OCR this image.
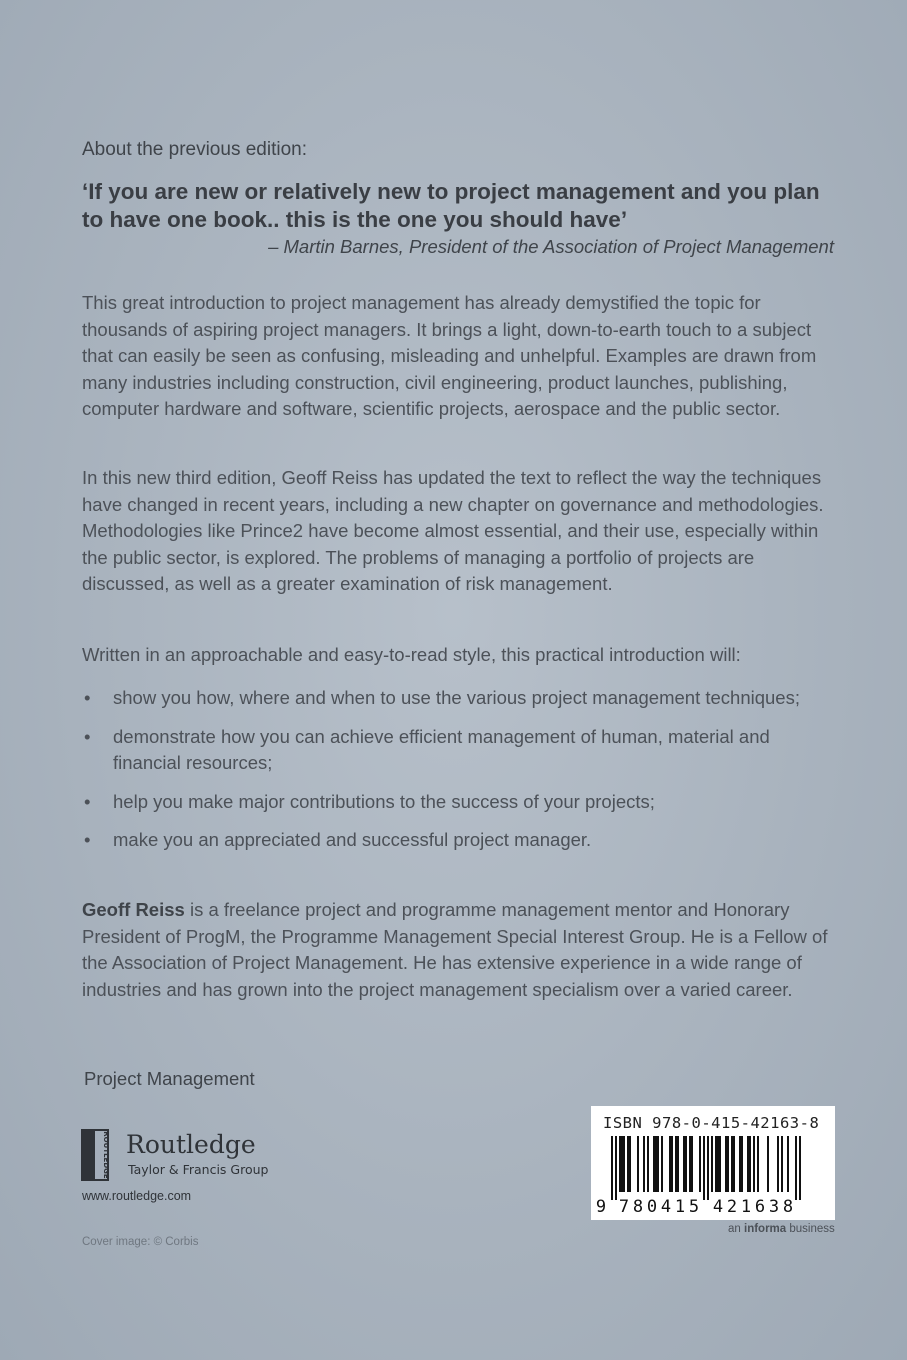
About the previous edition:
‘If you are new or relatively new to project management and you plan to have one book.. this is the one you should have’
– Martin Barnes, President of the Association of Project Management

This great introduction to project management has already demystified the topic for thousands of aspiring project managers. It brings a light, down-to-earth touch to a subject that can easily be seen as confusing, misleading and unhelpful. Examples are drawn from many industries including construction, civil engineering, product launches, publishing, computer hardware and software, scientific projects, aerospace and the public sector.

In this new third edition, Geoff Reiss has updated the text to reflect the way the techniques have changed in recent years, including a new chapter on governance and methodologies. Methodologies like Prince2 have become almost essential, and their use, especially within the public sector, is explored. The problems of managing a portfolio of projects are discussed, as well as a greater examination of risk management.

Written in an approachable and easy-to-read style, this practical introduction will:

• show you how, where and when to use the various project management techniques;
• demonstrate how you can achieve efficient management of human, material and financial resources;
• help you make major contributions to the success of your projects;
• make you an appreciated and successful project manager.

Geoff Reiss is a freelance project and programme management mentor and Honorary President of ProgM, the Programme Management Special Interest Group. He is a Fellow of the Association of Project Management. He has extensive experience in a wide range of industries and has grown into the project management specialism over a varied career.

Project Management
ROUTLEDGE Routledge
Taylor & Francis Group
www.routledge.com
Cover image: © Corbis
ISBN 978-0-415-42163-8
9 7 8 0 4 1 5 4 2 1 6 3 8
an informa business
